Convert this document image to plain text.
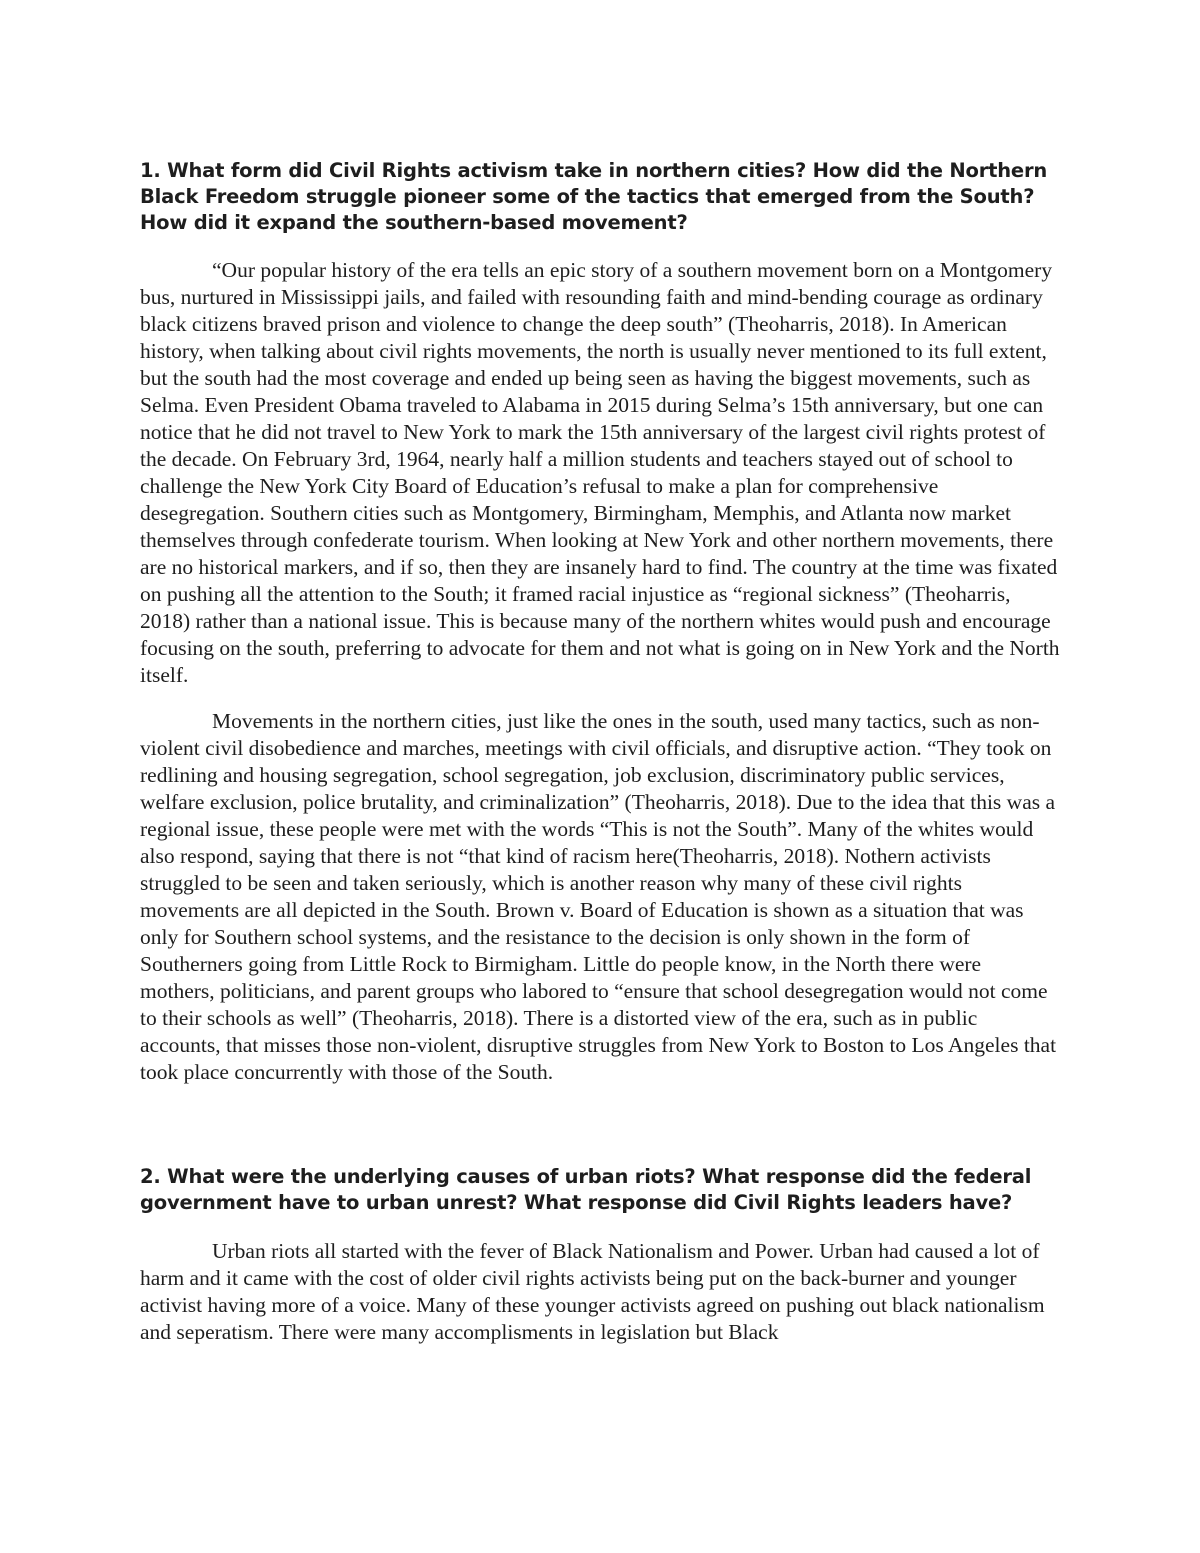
1. What form did Civil Rights activism take in northern cities? How did the Northern Black Freedom struggle pioneer some of the tactics that emerged from the South? How did it expand the southern-based movement?

“Our popular history of the era tells an epic story of a southern movement born on a Montgomery bus, nurtured in Mississippi jails, and failed with resounding faith and mind-bending courage as ordinary black citizens braved prison and violence to change the deep south” (Theoharris, 2018). In American history, when talking about civil rights movements, the north is usually never mentioned to its full extent, but the south had the most coverage and ended up being seen as having the biggest movements, such as Selma. Even President Obama traveled to Alabama in 2015 during Selma’s 15th anniversary, but one can notice that he did not travel to New York to mark the 15th anniversary of the largest civil rights protest of the decade. On February 3rd, 1964, nearly half a million students and teachers stayed out of school to challenge the New York City Board of Education’s refusal to make a plan for comprehensive desegregation. Southern cities such as Montgomery, Birmingham, Memphis, and Atlanta now market themselves through confederate tourism. When looking at New York and other northern movements, there are no historical markers, and if so, then they are insanely hard to find. The country at the time was fixated on pushing all the attention to the South; it framed racial injustice as “regional sickness” (Theoharris, 2018) rather than a national issue. This is because many of the northern whites would push and encourage focusing on the south, preferring to advocate for them and not what is going on in New York and the North itself.

Movements in the northern cities, just like the ones in the south, used many tactics, such as non-violent civil disobedience and marches, meetings with civil officials, and disruptive action. “They took on redlining and housing segregation, school segregation, job exclusion, discriminatory public services, welfare exclusion, police brutality, and criminalization” (Theoharris, 2018). Due to the idea that this was a regional issue, these people were met with the words “This is not the South”. Many of the whites would also respond, saying that there is not “that kind of racism here(Theoharris, 2018). Nothern activists struggled to be seen and taken seriously, which is another reason why many of these civil rights movements are all depicted in the South. Brown v. Board of Education is shown as a situation that was only for Southern school systems, and the resistance to the decision is only shown in the form of Southerners going from Little Rock to Birmigham. Little do people know, in the North there were mothers, politicians, and parent groups who labored to “ensure that school desegregation would not come to their schools as well” (Theoharris, 2018). There is a distorted view of the era, such as in public accounts, that misses those non-violent, disruptive struggles from New York to Boston to Los Angeles that took place concurrently with those of the South.

2. What were the underlying causes of urban riots? What response did the federal government have to urban unrest? What response did Civil Rights leaders have?

Urban riots all started with the fever of Black Nationalism and Power. Urban had caused a lot of harm and it came with the cost of older civil rights activists being put on the back-burner and younger activist having more of a voice. Many of these younger activists agreed on pushing out black nationalism and seperatism. There were many accomplisments in legislation but Black
